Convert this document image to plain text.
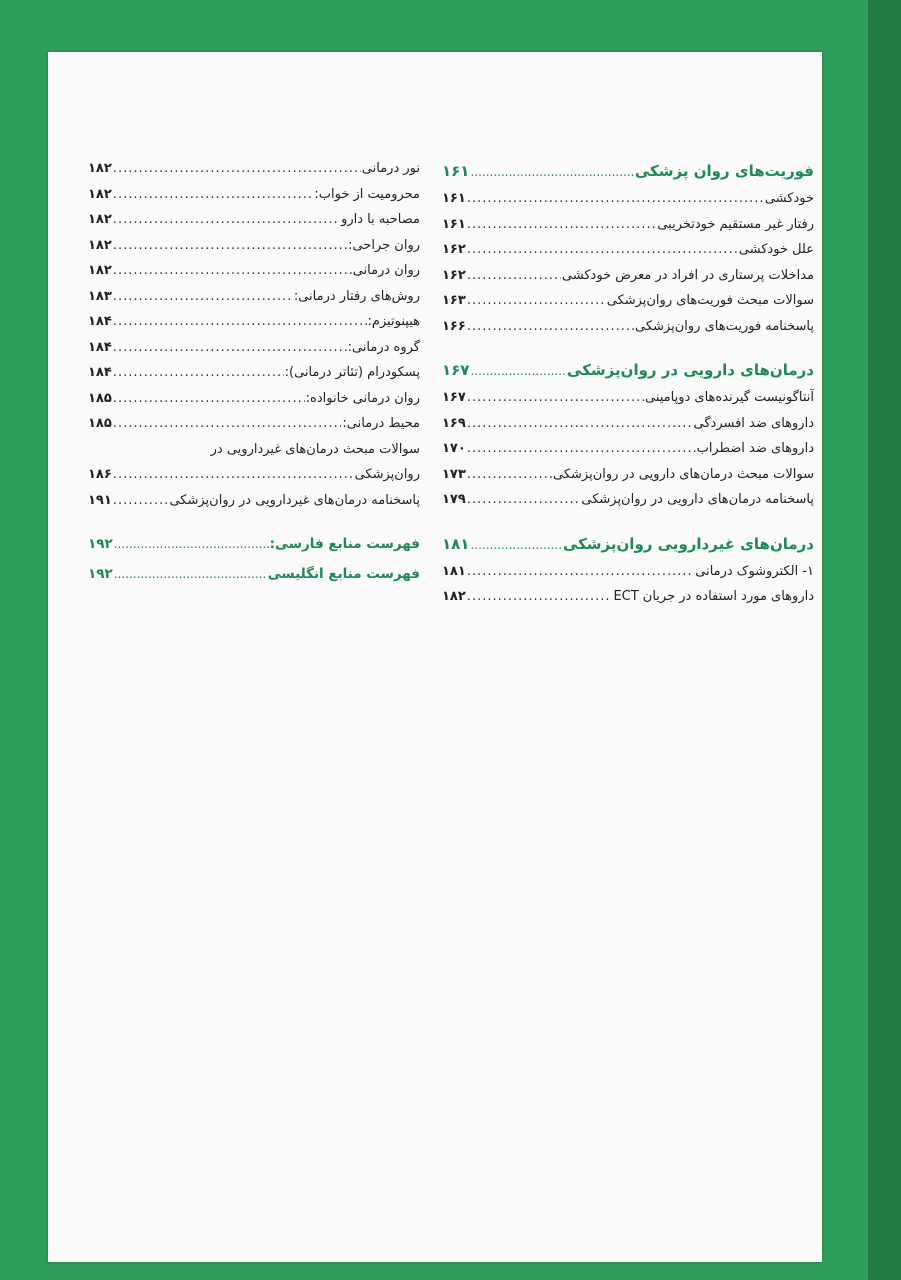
فوریت‌های روان پزشکی
.....
۱۶۱
خودکشی
.....
۱۶۱
رفتار غیر مستقیم خودتخریبی
.....
۱۶۱
علل خودکشی
.....
۱۶۲
مداخلات پرستاری در افراد در معرض خودکشی
.....
۱۶۲
سوالات مبحث فوریت‌های روان‌پزشکی
.....
۱۶۳
پاسخنامه فوریت‌های روان‌پزشکی
.....
۱۶۶
درمان‌های دارویی در روان‌پزشکی
.....
۱۶۷
آنتاگونیست گیرنده‌های دوپامینی
.....
۱۶۷
داروهای ضد افسردگی
.....
۱۶۹
داروهای ضد اضطراب
.....
۱۷۰
سوالات مبحث درمان‌های دارویی در روان‌پزشکی
.....
۱۷۳
پاسخنامه درمان‌های دارویی در روان‌پزشکی
.....
۱۷۹
درمان‌های غیردارویی روان‌پزشکی
.....
۱۸۱
۱- الکتروشوک درمانی
.....
۱۸۱
داروهای مورد استفاده در جریان ECT
.....
۱۸۲
نور درمانی
.....
۱۸۲
محرومیت از خواب:
.....
۱۸۲
مصاحبه با دارو
.....
۱۸۲
روان جراحی:
.....
۱۸۲
روان درمانی
.....
۱۸۲
روش‌های رفتار درمانی:
.....
۱۸۳
هیپنوتیزم:
.....
۱۸۴
گروه درمانی:
.....
۱۸۴
پسکودرام (تئاتر درمانی):
.....
۱۸۴
روان درمانی خانواده:
.....
۱۸۵
محیط درمانی:
.....
۱۸۵
سوالات مبحث درمان‌های غیردارویی در
روان‌پزشکی
.....
۱۸۶
پاسخنامه درمان‌های غیردارویی در روان‌پزشکی
.....
۱۹۱
فهرست منابع فارسی:
.....
۱۹۲
فهرست منابع انگلیسی
.....
۱۹۲
